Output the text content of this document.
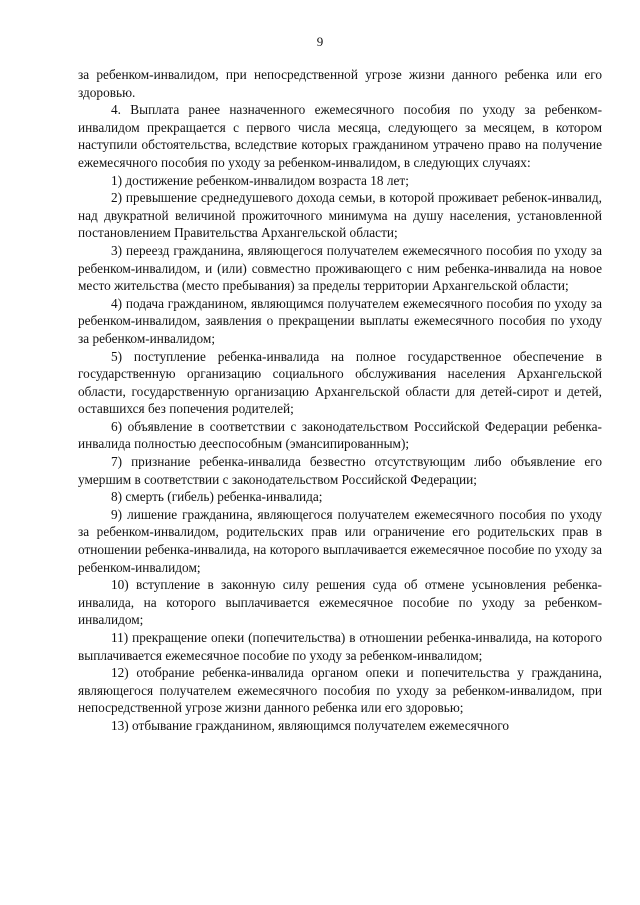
9

за ребенком-инвалидом, при непосредственной угрозе жизни данного ребенка или его здоровью.

4. Выплата ранее назначенного ежемесячного пособия по уходу за ребенком-инвалидом прекращается с первого числа месяца, следующего за месяцем, в котором наступили обстоятельства, вследствие которых гражданином утрачено право на получение ежемесячного пособия по уходу за ребенком-инвалидом, в следующих случаях:

1) достижение ребенком-инвалидом возраста 18 лет;

2) превышение среднедушевого дохода семьи, в которой проживает ребенок-инвалид, над двукратной величиной прожиточного минимума на душу населения, установленной постановлением Правительства Архангельской области;

3) переезд гражданина, являющегося получателем ежемесячного пособия по уходу за ребенком-инвалидом, и (или) совместно проживающего с ним ребенка-инвалида на новое место жительства (место пребывания) за пределы территории Архангельской области;

4) подача гражданином, являющимся получателем ежемесячного пособия по уходу за ребенком-инвалидом, заявления о прекращении выплаты ежемесячного пособия по уходу за ребенком-инвалидом;

5) поступление ребенка-инвалида на полное государственное обеспечение в государственную организацию социального обслуживания населения Архангельской области, государственную организацию Архангельской области для детей-сирот и детей, оставшихся без попечения родителей;

6) объявление в соответствии с законодательством Российской Федерации ребенка-инвалида полностью дееспособным (эмансипированным);

7) признание ребенка-инвалида безвестно отсутствующим либо объявление его умершим в соответствии с законодательством Российской Федерации;

8) смерть (гибель) ребенка-инвалида;

9) лишение гражданина, являющегося получателем ежемесячного пособия по уходу за ребенком-инвалидом, родительских прав или ограничение его родительских прав в отношении ребенка-инвалида, на которого выплачивается ежемесячное пособие по уходу за ребенком-инвалидом;

10) вступление в законную силу решения суда об отмене усыновления ребенка-инвалида, на которого выплачивается ежемесячное пособие по уходу за ребенком-инвалидом;

11) прекращение опеки (попечительства) в отношении ребенка-инвалида, на которого выплачивается ежемесячное пособие по уходу за ребенком-инвалидом;

12) отобрание ребенка-инвалида органом опеки и попечительства у гражданина, являющегося получателем ежемесячного пособия по уходу за ребенком-инвалидом, при непосредственной угрозе жизни данного ребенка или его здоровью;

13) отбывание гражданином, являющимся получателем ежемесячного
